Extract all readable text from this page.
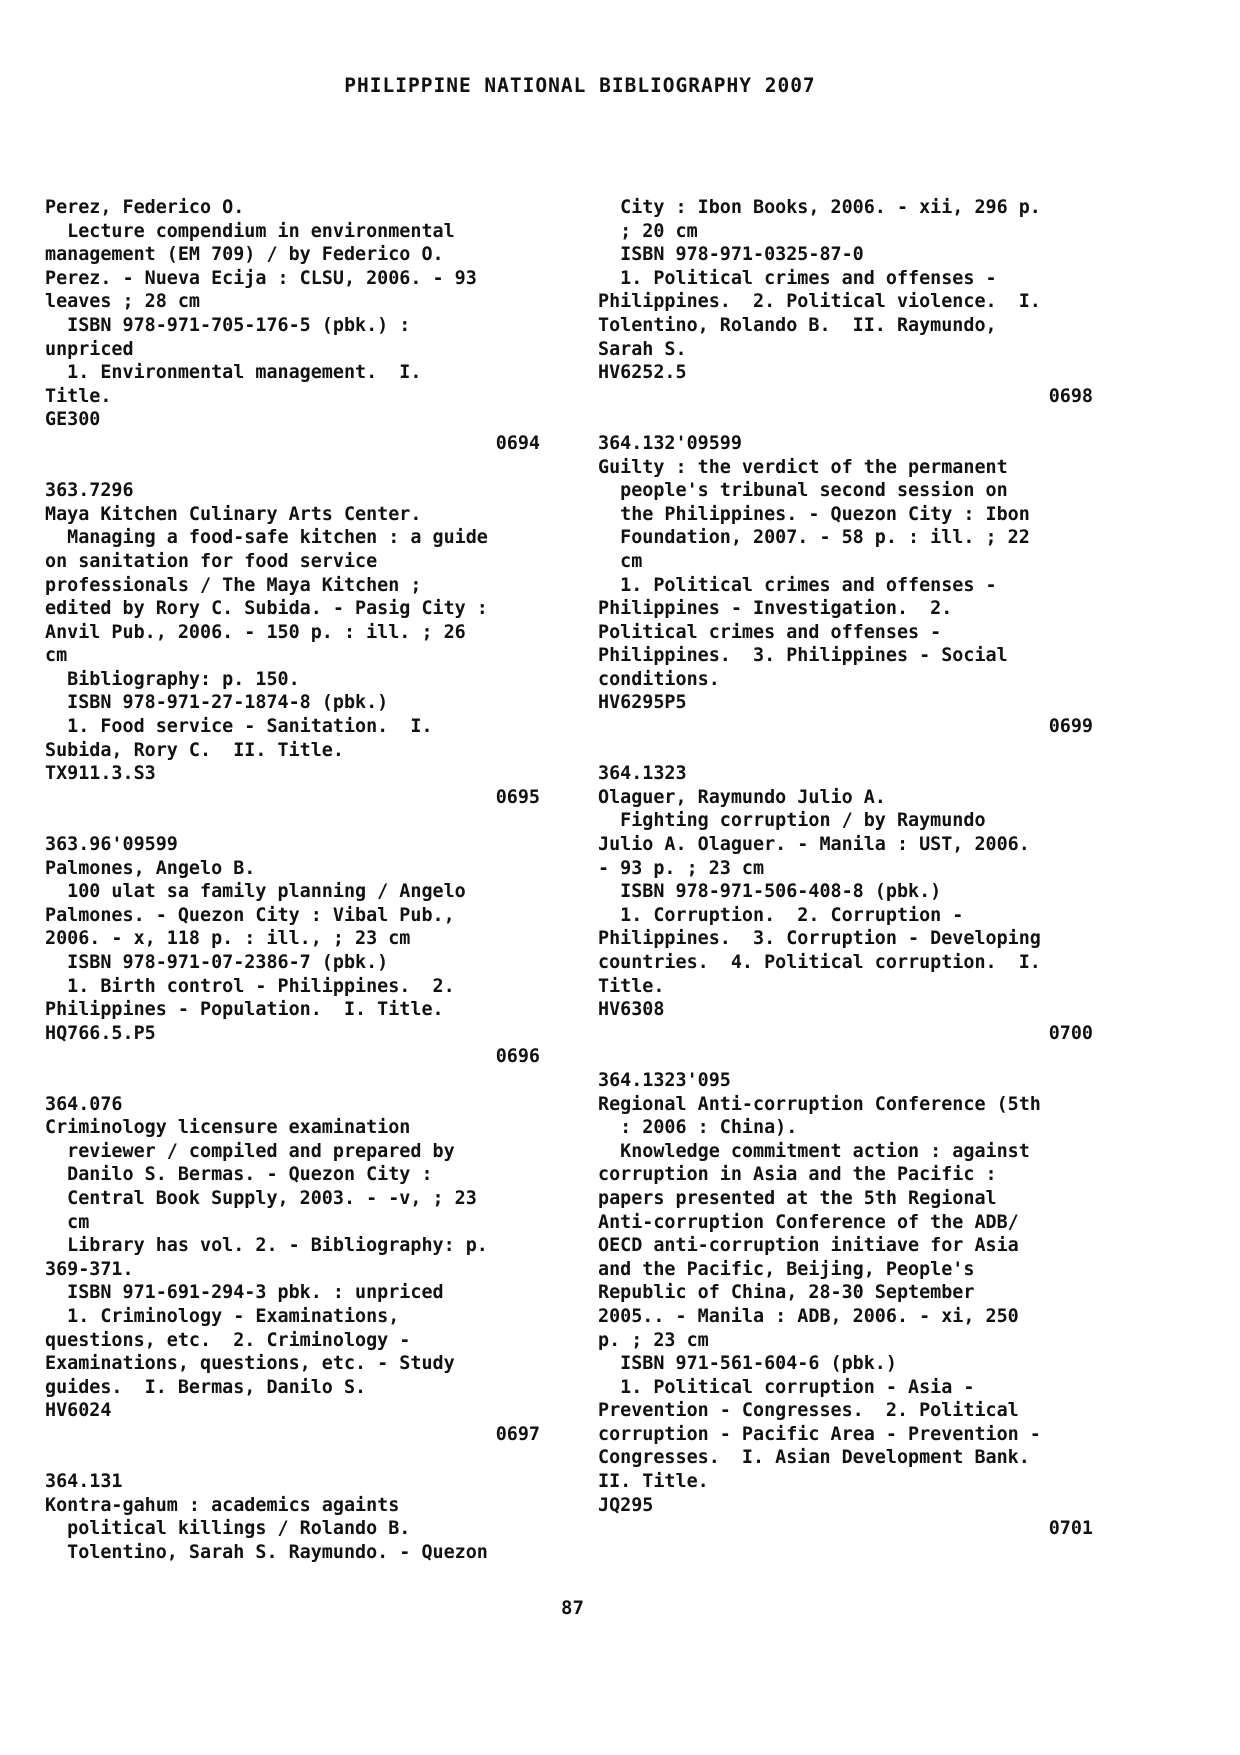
PHILIPPINE NATIONAL BIBLIOGRAPHY 2007
Perez, Federico O.
Lecture compendium in environmental
management (EM 709) / by Federico O.
Perez. - Nueva Ecija : CLSU, 2006. - 93
leaves ; 28 cm
ISBN 978-971-705-176-5 (pbk.) :
unpriced
1. Environmental management.  I.
Title.
GE300
0694
363.7296
Maya Kitchen Culinary Arts Center.
Managing a food-safe kitchen : a guide
on sanitation for food service
professionals / The Maya Kitchen ;
edited by Rory C. Subida. - Pasig City :
Anvil Pub., 2006. - 150 p. : ill. ; 26
cm
Bibliography: p. 150.
ISBN 978-971-27-1874-8 (pbk.)
1. Food service - Sanitation.  I.
Subida, Rory C.  II. Title.
TX911.3.S3
0695
363.96'09599
Palmones, Angelo B.
100 ulat sa family planning / Angelo
Palmones. - Quezon City : Vibal Pub.,
2006. - x, 118 p. : ill., ; 23 cm
ISBN 978-971-07-2386-7 (pbk.)
1. Birth control - Philippines.  2.
Philippines - Population.  I. Title.
HQ766.5.P5
0696
364.076
Criminology licensure examination
reviewer / compiled and prepared by
Danilo S. Bermas. - Quezon City :
Central Book Supply, 2003. - -v, ; 23
cm
Library has vol. 2. - Bibliography: p.
369-371.
ISBN 971-691-294-3 pbk. : unpriced
1. Criminology - Examinations,
questions, etc.  2. Criminology -
Examinations, questions, etc. - Study
guides.  I. Bermas, Danilo S.
HV6024
0697
364.131
Kontra-gahum : academics againts
political killings / Rolando B.
Tolentino, Sarah S. Raymundo. - Quezon
City : Ibon Books, 2006. - xii, 296 p.
; 20 cm
ISBN 978-971-0325-87-0
1. Political crimes and offenses -
Philippines.  2. Political violence.  I.
Tolentino, Rolando B.  II. Raymundo,
Sarah S.
HV6252.5
0698
364.132'09599
Guilty : the verdict of the permanent
people's tribunal second session on
the Philippines. - Quezon City : Ibon
Foundation, 2007. - 58 p. : ill. ; 22
cm
1. Political crimes and offenses -
Philippines - Investigation.  2.
Political crimes and offenses -
Philippines.  3. Philippines - Social
conditions.
HV6295P5
0699
364.1323
Olaguer, Raymundo Julio A.
Fighting corruption / by Raymundo
Julio A. Olaguer. - Manila : UST, 2006.
- 93 p. ; 23 cm
ISBN 978-971-506-408-8 (pbk.)
1. Corruption.  2. Corruption -
Philippines.  3. Corruption - Developing
countries.  4. Political corruption.  I.
Title.
HV6308
0700
364.1323'095
Regional Anti-corruption Conference (5th
: 2006 : China).
Knowledge commitment action : against
corruption in Asia and the Pacific :
papers presented at the 5th Regional
Anti-corruption Conference of the ADB/
OECD anti-corruption initiave for Asia
and the Pacific, Beijing, People's
Republic of China, 28-30 September
2005.. - Manila : ADB, 2006. - xi, 250
p. ; 23 cm
ISBN 971-561-604-6 (pbk.)
1. Political corruption - Asia -
Prevention - Congresses.  2. Political
corruption - Pacific Area - Prevention -
Congresses.  I. Asian Development Bank.
II. Title.
JQ295
0701
87
